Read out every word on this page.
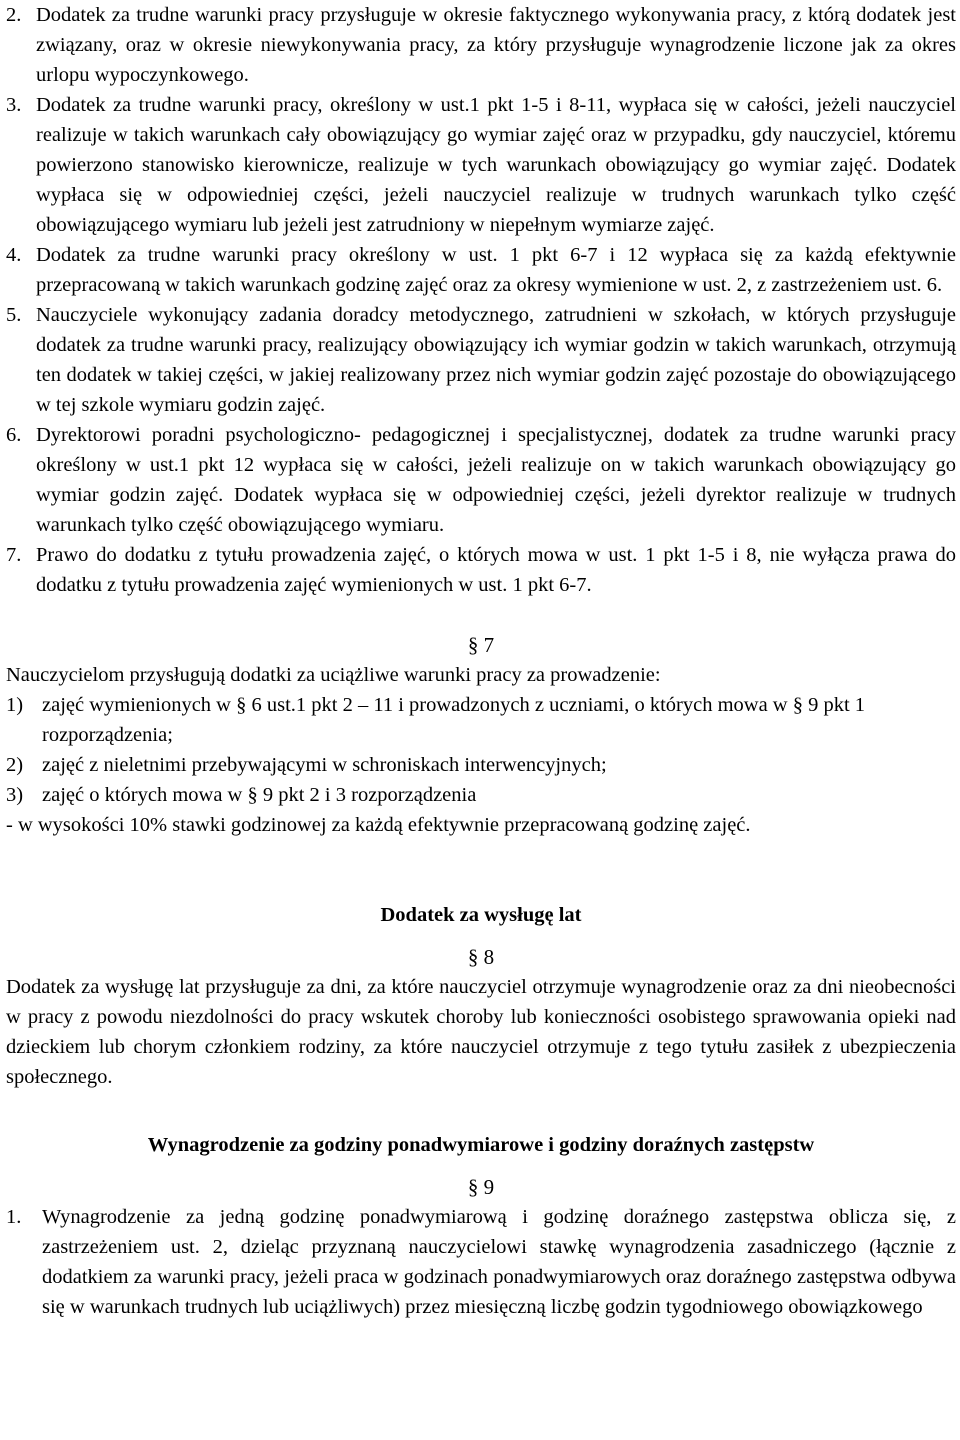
2. Dodatek za trudne warunki pracy przysługuje w okresie faktycznego wykonywania pracy, z którą dodatek jest związany, oraz w okresie niewykonywania pracy, za który przysługuje wynagrodzenie liczone jak za okres urlopu wypoczynkowego.
3. Dodatek za trudne warunki pracy, określony w ust.1 pkt 1-5 i 8-11, wypłaca się w całości, jeżeli nauczyciel realizuje w takich warunkach cały obowiązujący go wymiar zajęć oraz w przypadku, gdy nauczyciel, któremu powierzono stanowisko kierownicze, realizuje w tych warunkach obowiązujący go wymiar zajęć. Dodatek wypłaca się w odpowiedniej części, jeżeli nauczyciel realizuje w trudnych warunkach tylko część obowiązującego wymiaru lub jeżeli jest zatrudniony w niepełnym wymiarze zajęć.
4. Dodatek za trudne warunki pracy określony w ust. 1 pkt 6-7 i 12 wypłaca się za każdą efektywnie przepracowaną w takich warunkach godzinę zajęć oraz za okresy wymienione w ust. 2, z zastrzeżeniem ust. 6.
5. Nauczyciele wykonujący zadania doradcy metodycznego, zatrudnieni w szkołach, w których przysługuje dodatek za trudne warunki pracy, realizujący obowiązujący ich wymiar godzin w takich warunkach, otrzymują ten dodatek w takiej części, w jakiej realizowany przez nich wymiar godzin zajęć pozostaje do obowiązującego w tej szkole wymiaru godzin zajęć.
6. Dyrektorowi poradni psychologiczno- pedagogicznej i specjalistycznej, dodatek za trudne warunki pracy określony w ust.1 pkt 12 wypłaca się w całości, jeżeli realizuje on w takich warunkach obowiązujący go wymiar godzin zajęć. Dodatek wypłaca się w odpowiedniej części, jeżeli dyrektor realizuje w trudnych warunkach tylko część obowiązującego wymiaru.
7. Prawo do dodatku z tytułu prowadzenia zajęć, o których mowa w ust. 1 pkt 1-5 i 8, nie wyłącza prawa do dodatku z tytułu prowadzenia zajęć wymienionych w ust. 1 pkt 6-7.
§ 7
Nauczycielom przysługują dodatki za uciążliwe warunki pracy za prowadzenie:
1) zajęć wymienionych w § 6 ust.1 pkt 2 – 11 i prowadzonych z uczniami, o których mowa w § 9 pkt 1 rozporządzenia;
2) zajęć z nieletnimi przebywającymi w schroniskach interwencyjnych;
3) zajęć o których mowa w § 9 pkt 2 i 3 rozporządzenia
- w wysokości 10% stawki godzinowej za każdą efektywnie przepracowaną godzinę zajęć.
Dodatek za wysługę lat
§ 8
Dodatek za wysługę lat przysługuje za dni, za które nauczyciel otrzymuje wynagrodzenie oraz za dni nieobecności w pracy z powodu niezdolności do pracy wskutek choroby lub konieczności osobistego sprawowania opieki nad dzieckiem lub chorym członkiem rodziny, za które nauczyciel otrzymuje z tego tytułu zasiłek z ubezpieczenia społecznego.
Wynagrodzenie za godziny ponadwymiarowe i godziny doraźnych zastępstw
§ 9
1.	Wynagrodzenie za jedną godzinę ponadwymiarową i godzinę doraźnego zastępstwa oblicza się, z zastrzeżeniem ust. 2, dzieląc przyznaną nauczycielowi stawkę wynagrodzenia zasadniczego (łącznie z dodatkiem za warunki pracy, jeżeli praca w godzinach ponadwymiarowych oraz doraźnego zastępstwa odbywa się w warunkach trudnych lub uciążliwych) przez miesięczną liczbę godzin tygodniowego obowiązkowego
